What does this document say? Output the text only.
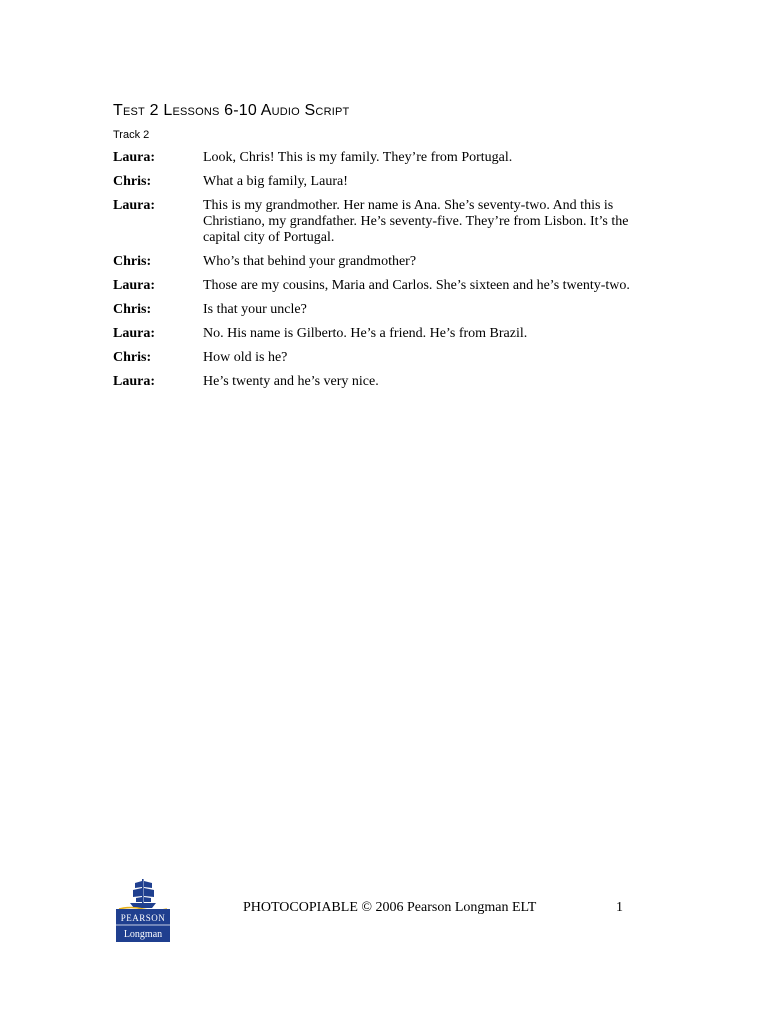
Test 2 Lessons 6-10 Audio Script
Track 2
Laura:	Look, Chris! This is my family. They’re from Portugal.
Chris:	What a big family, Laura!
Laura:	This is my grandmother. Her name is Ana. She’s seventy-two. And this is Christiano, my grandfather. He’s seventy-five. They’re from Lisbon. It’s the capital city of Portugal.
Chris:	Who’s that behind your grandmother?
Laura:	Those are my cousins, Maria and Carlos. She’s sixteen and he’s twenty-two.
Chris:	Is that your uncle?
Laura:	No. His name is Gilberto. He’s a friend. He’s from Brazil.
Chris:	How old is he?
Laura:	He’s twenty and he’s very nice.
PEARSON
Longman
PHOTOCOPIABLE © 2006 Pearson Longman ELT	1
